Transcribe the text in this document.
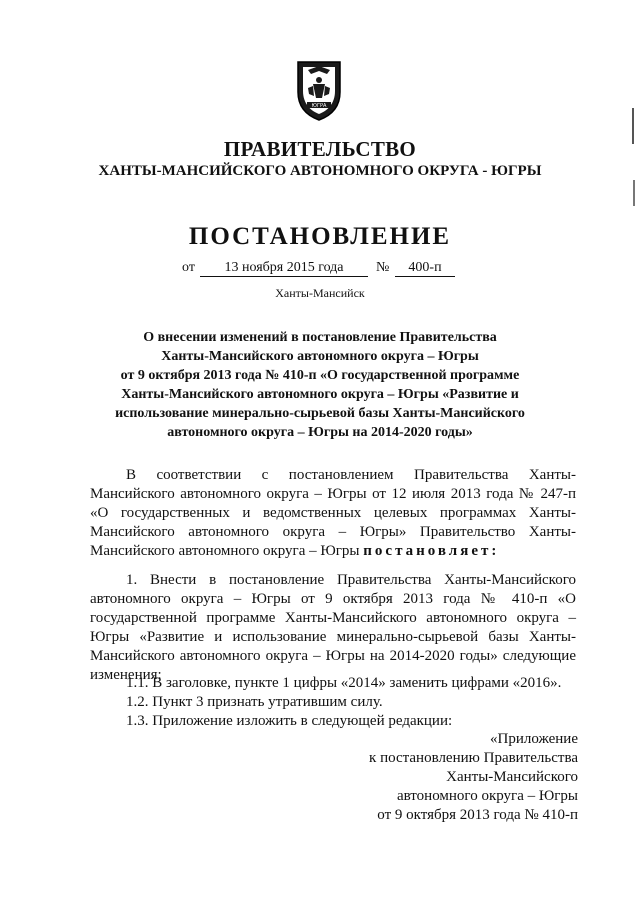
ЮГРА
ПРАВИТЕЛЬСТВО
ХАНТЫ-МАНСИЙСКОГО АВТОНОМНОГО ОКРУГА - ЮГРЫ
ПОСТАНОВЛЕНИЕ
от	13 ноября 2015 года	№	400-п
Ханты-Мансийск
О внесении изменений в постановление Правительства
Ханты-Мансийского автономного округа – Югры
от 9 октября 2013 года № 410-п «О государственной программе
Ханты-Мансийского автономного округа – Югры «Развитие и
использование минерально-сырьевой базы Ханты-Мансийского
автономного округа – Югры на 2014-2020 годы»

В соответствии с постановлением Правительства Ханты-Мансийского автономного округа – Югры от 12 июля 2013 года № 247-п «О государственных и ведомственных целевых программах Ханты-Мансийского автономного округа – Югры» Правительство Ханты-Мансийского автономного округа – Югры постановляет:

1. Внести в постановление Правительства Ханты-Мансийского автономного округа – Югры от 9 октября 2013 года № 410-п «О государственной программе Ханты-Мансийского автономного округа – Югры «Развитие и использование минерально-сырьевой базы Ханты-Мансийского автономного округа – Югры на 2014-2020 годы» следующие изменения:

1.1. В заголовке, пункте 1 цифры «2014» заменить цифрами «2016».
1.2. Пункт 3 признать утратившим силу.
1.3. Приложение изложить в следующей редакции:
«Приложение
к постановлению Правительства
Ханты-Мансийского
автономного округа – Югры
от 9 октября 2013 года № 410-п
